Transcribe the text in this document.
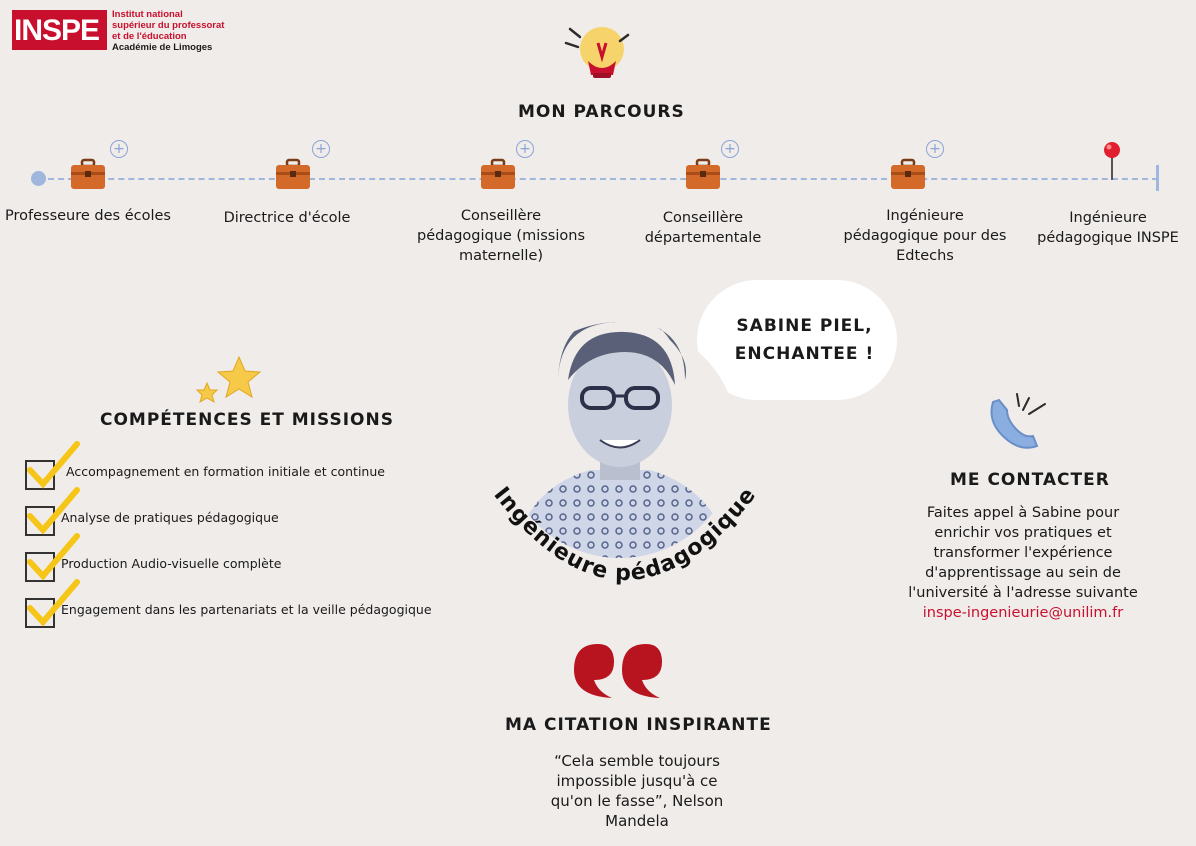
INSPE Institut national
supérieur du professorat
et de l'éducation
Académie de Limoges
MON PARCOURS
+	+	+	+	+
Professeure des écoles	Directrice d'école	Conseillère pédagogique (missions maternelle)
Conseillère départementale
Ingénieure pédagogique pour des Edtechs
Ingénieure pédagogique INSPE
SABINE PIEL,
ENCHANTEE !
Ingénieure pédagogique
COMPÉTENCES ET MISSIONS
Accompagnement en formation initiale et continue
Analyse de pratiques pédagogique
Production Audio-visuelle complète
Engagement dans les partenariats et la veille pédagogique
ME CONTACTER
Faites appel à Sabine pour
enrichir vos pratiques et
transformer l'expérience
d'apprentissage au sein de
l'université à l'adresse suivante
inspe-ingenieurie@unilim.fr
MA CITATION INSPIRANTE
“Cela semble toujours
impossible jusqu'à ce
qu'on le fasse”, Nelson
Mandela
